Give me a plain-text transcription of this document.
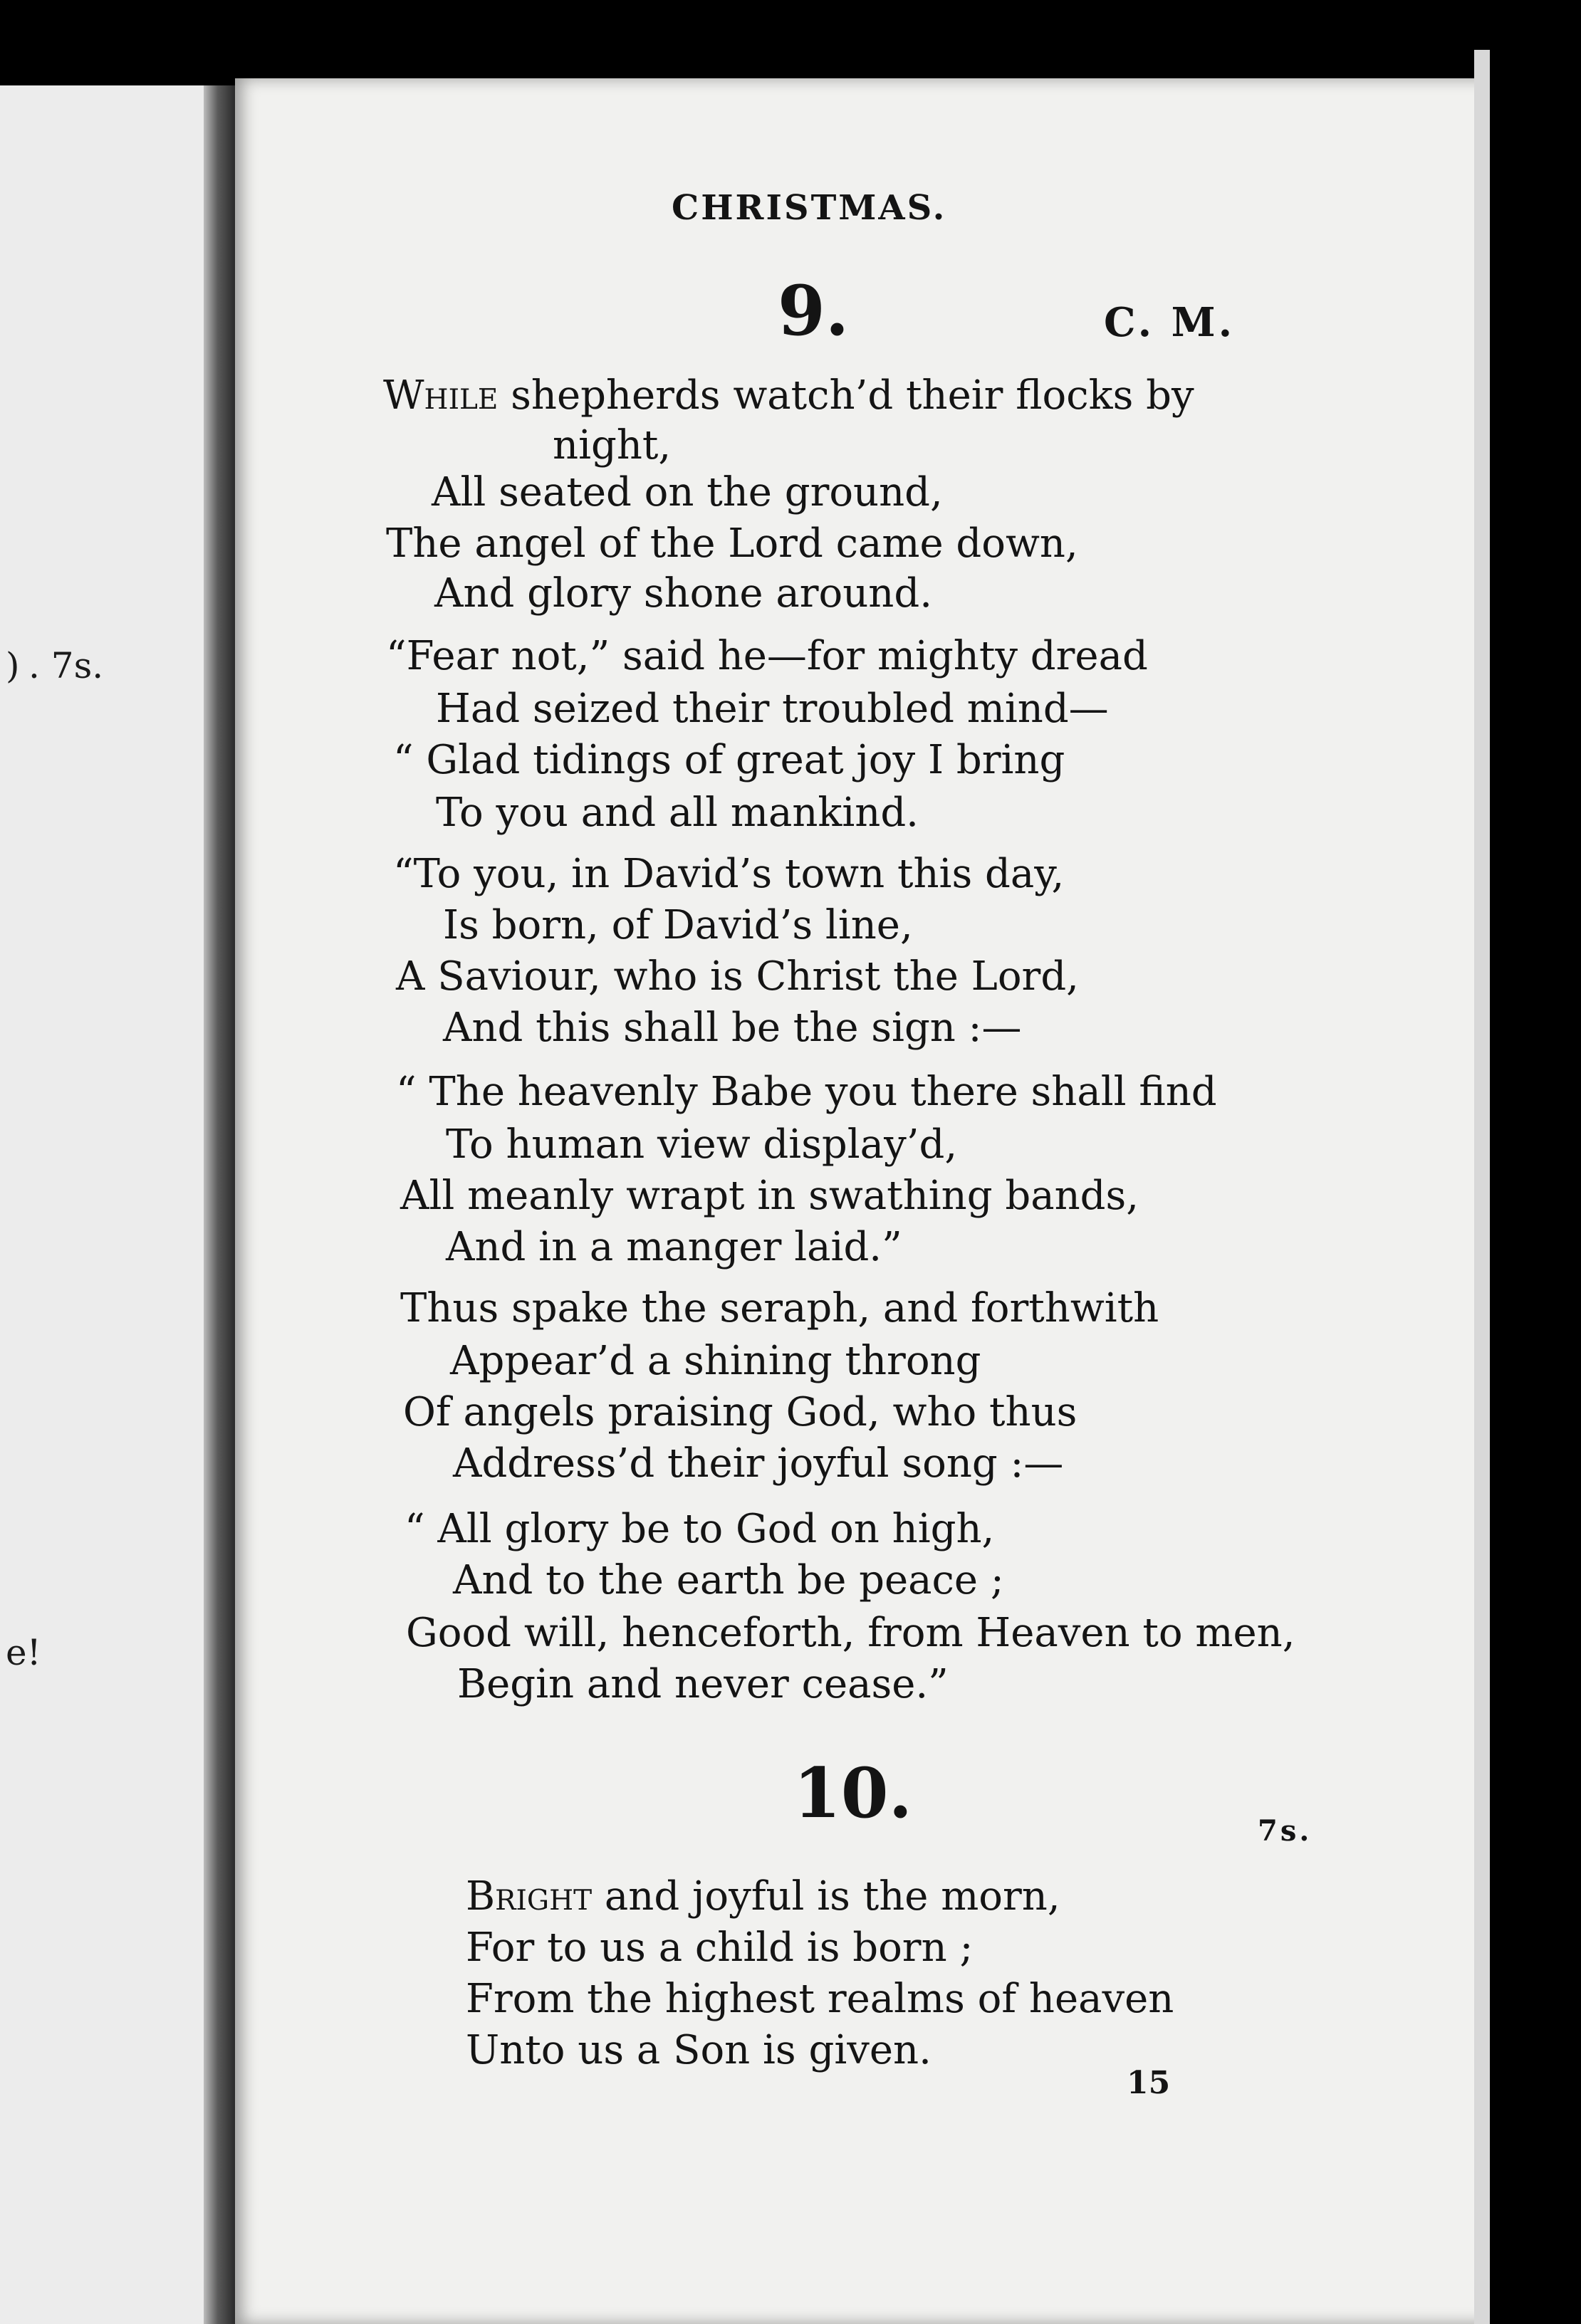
) . 7s.
e!
CHRISTMAS.
9.	C. M.
While shepherds watch’d their flocks by
night,
All seated on the ground,
The angel of the Lord came down,
And glory shone around.
“Fear not,” said he—for mighty dread
Had seized their troubled mind—
“ Glad tidings of great joy I bring
To you and all mankind.
“To you, in David’s town this day,
Is born, of David’s line,
A Saviour, who is Christ the Lord,
And this shall be the sign :—
“ The heavenly Babe you there shall find
To human view display’d,
All meanly wrapt in swathing bands,
And in a manger laid.”
Thus spake the seraph, and forthwith
Appear’d a shining throng
Of angels praising God, who thus
Address’d their joyful song :—
“ All glory be to God on high,
And to the earth be peace ;
Good will, henceforth, from Heaven to men,
Begin and never cease.”
10.	7s.
Bright and joyful is the morn,
For to us a child is born ;
From the highest realms of heaven
Unto us a Son is given.
15
